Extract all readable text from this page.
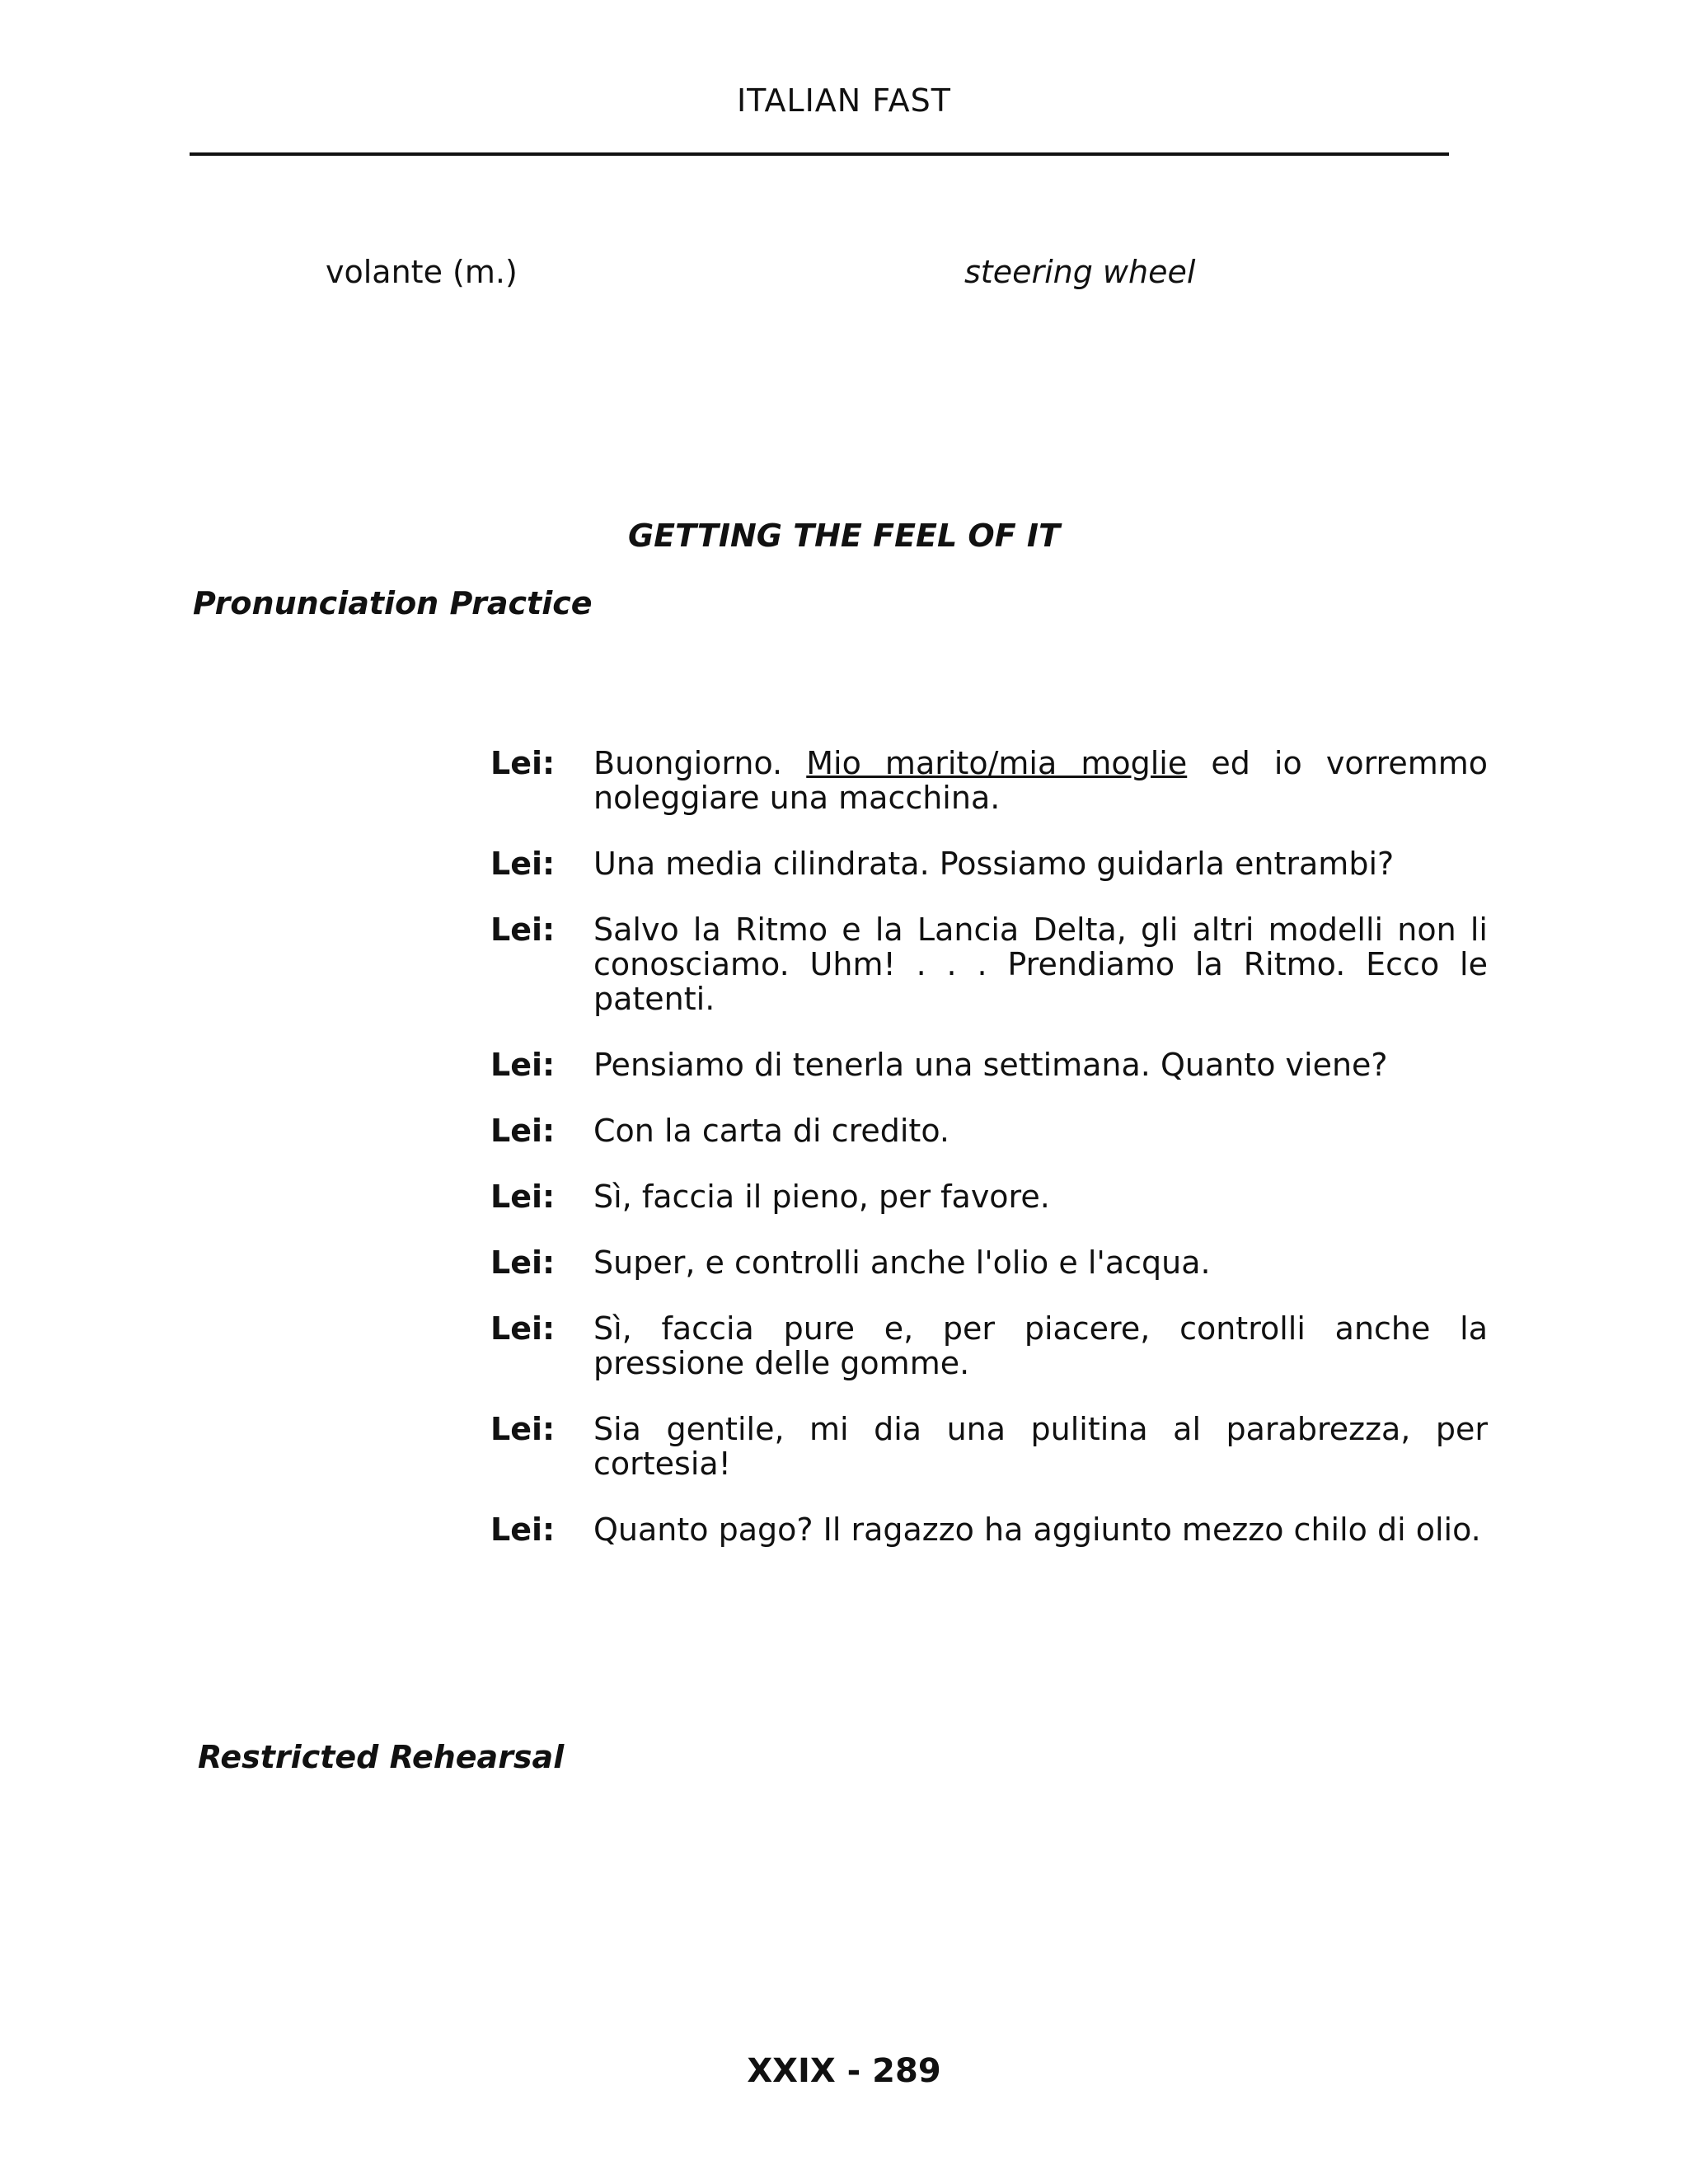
ITALIAN FAST
volante (m.)	steering wheel
GETTING THE FEEL OF IT
Pronunciation Practice
Lei:	Buongiorno. Mio marito/mia moglie ed io vorremmo noleggiare una macchina.
Lei:	Una media cilindrata. Possiamo guidarla entrambi?
Lei:	Salvo la Ritmo e la Lancia Delta, gli altri modelli non li conosciamo. Uhm! . . . Prendiamo la Ritmo. Ecco le patenti.
Lei:	Pensiamo di tenerla una settimana. Quanto viene?
Lei:	Con la carta di credito.
Lei:	Sì, faccia il pieno, per favore.
Lei:	Super, e controlli anche l'olio e l'acqua.
Lei:	Sì, faccia pure e, per piacere, controlli anche la pressione delle gomme.
Lei:	Sia gentile, mi dia una pulitina al parabrezza, per cortesia!
Lei:	Quanto pago? Il ragazzo ha aggiunto mezzo chilo di olio.
Restricted Rehearsal
XXIX - 289
